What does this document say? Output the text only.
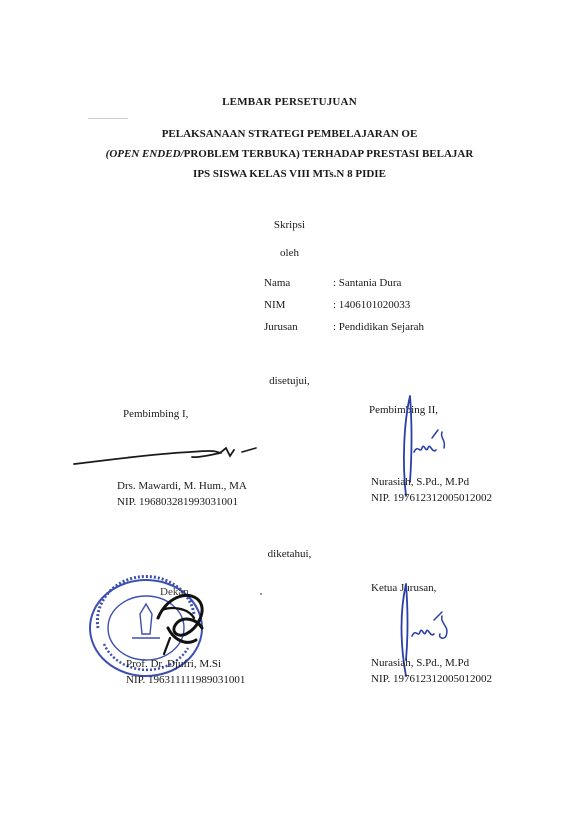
LEMBAR PERSETUJUAN
PELAKSANAAN STRATEGI PEMBELAJARAN OE
(OPEN ENDED/PROBLEM TERBUKA) TERHADAP PRESTASI BELAJAR
IPS SISWA KELAS VIII MTs.N 8 PIDIE
Skripsi
oleh
Nama	: Santania Dura
NIM	: 1406101020033
Jurusan	: Pendidikan Sejarah
disetujui,
Pembimbing I,
Drs. Mawardi, M. Hum., MA
NIP. 196803281993031001
Pembimbing II,
Nurasiah, S.Pd., M.Pd
NIP. 197612312005012002
diketahui,
Dekan,
Prof. Dr. Djufri, M.Si
NIP. 196311111989031001
Ketua Jurusan,
Nurasiah, S.Pd., M.Pd
NIP. 197612312005012002
